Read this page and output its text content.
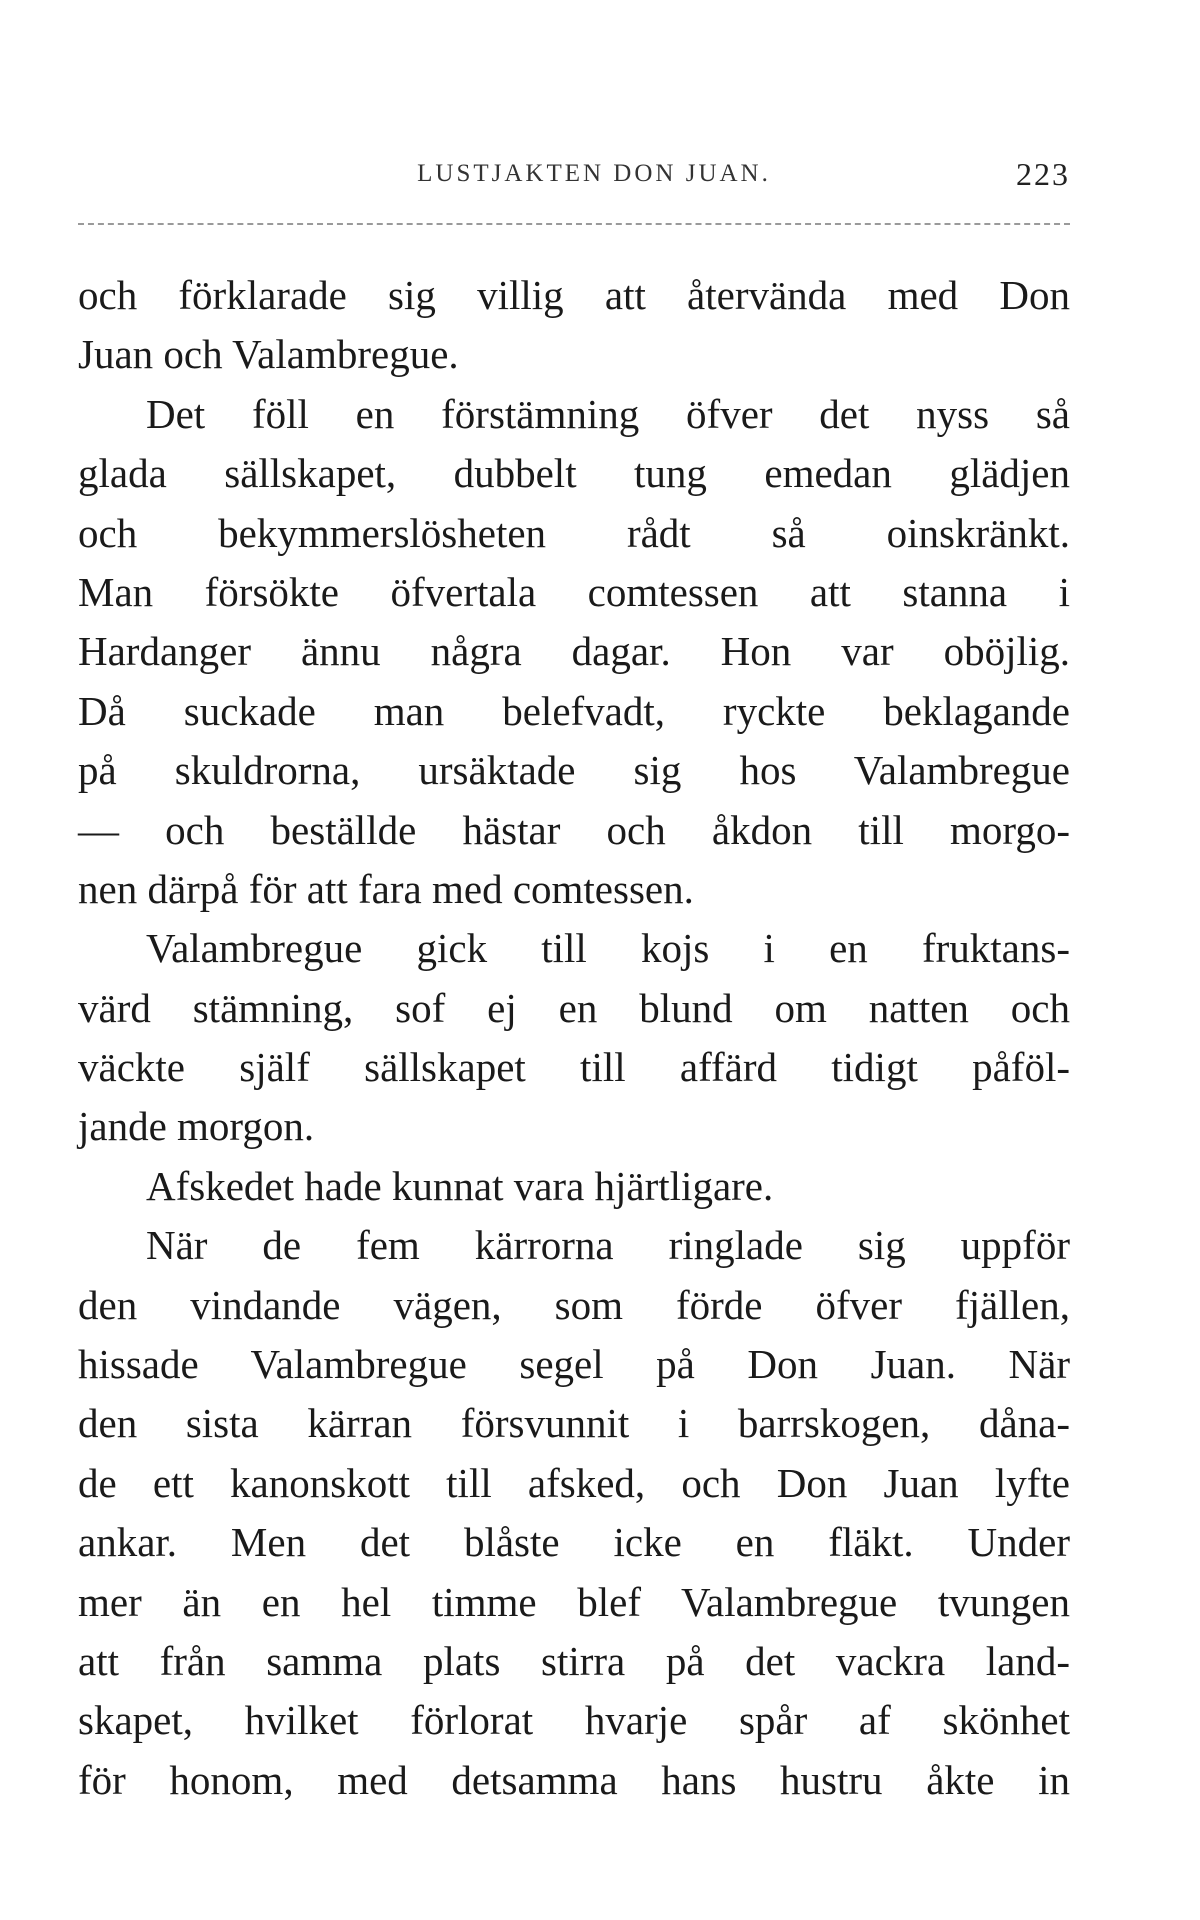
LUSTJAKTEN DON JUAN.	223
och förklarade sig villig att återvända med Don
Juan och Valambregue.
Det föll en förstämning öfver det nyss så
glada sällskapet, dubbelt tung emedan glädjen
och bekymmerslösheten rådt så oinskränkt.
Man försökte öfvertala comtessen att stanna i
Hardanger ännu några dagar. Hon var oböjlig.
Då suckade man belefvadt, ryckte beklagande
på skuldrorna, ursäktade sig hos Valambregue
— och beställde hästar och åkdon till morgo-
nen därpå för att fara med comtessen.
Valambregue gick till kojs i en fruktans-
värd stämning, sof ej en blund om natten och
väckte själf sällskapet till affärd tidigt påföl-
jande morgon.
Afskedet hade kunnat vara hjärtligare.
När de fem kärrorna ringlade sig uppför
den vindande vägen, som förde öfver fjällen,
hissade Valambregue segel på Don Juan. När
den sista kärran försvunnit i barrskogen, dåna-
de ett kanonskott till afsked, och Don Juan lyfte
ankar. Men det blåste icke en fläkt. Under
mer än en hel timme blef Valambregue tvungen
att från samma plats stirra på det vackra land-
skapet, hvilket förlorat hvarje spår af skönhet
för honom, med detsamma hans hustru åkte in
